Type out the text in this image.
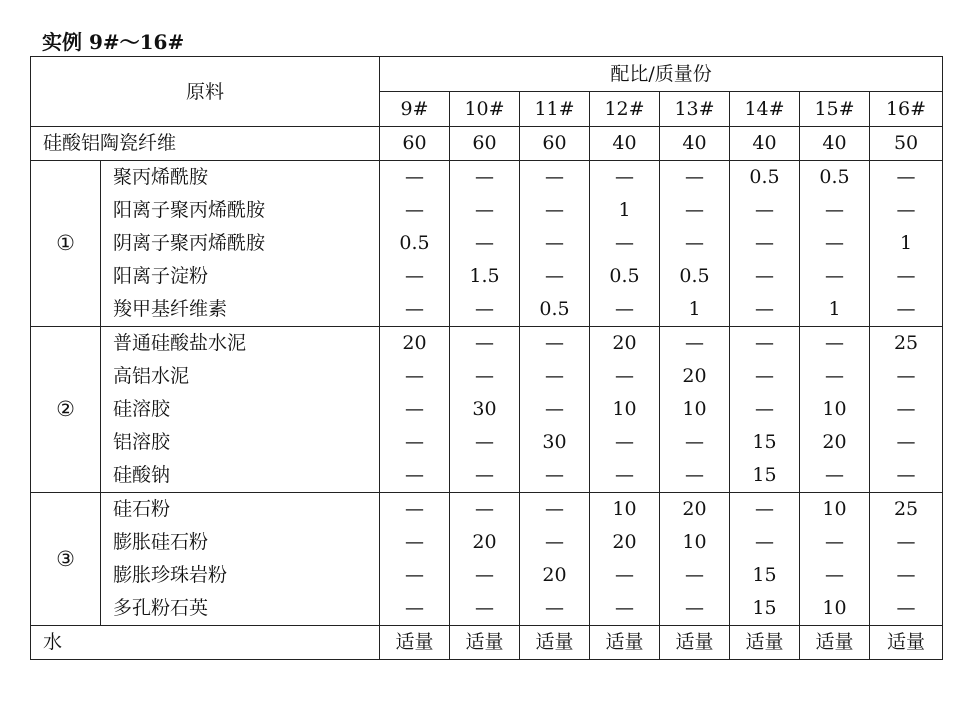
实例 9#～16#
原料		配比/质量份							
		9#	10#	11#	12#	13#	14#	15#	16#
硅酸铝陶瓷纤维		60	60	60	40	40	40	40	50
①	聚丙烯酰胺	—	—	—	—	—	0.5	0.5	—
	阳离子聚丙烯酰胺	—	—	—	1	—	—	—	—
	阴离子聚丙烯酰胺	0.5	—	—	—	—	—	—	1
	阳离子淀粉	—	1.5	—	0.5	0.5	—	—	—
	羧甲基纤维素	—	—	0.5	—	1	—	1	—
②	普通硅酸盐水泥	20	—	—	20	—	—	—	25
	高铝水泥	—	—	—	—	20	—	—	—
	硅溶胶	—	30	—	10	10	—	10	—
	铝溶胶	—	—	30	—	—	15	20	—
	硅酸钠	—	—	—	—	—	15	—	—
③	硅石粉	—	—	—	10	20	—	10	25
	膨胀硅石粉	—	20	—	20	10	—	—	—
	膨胀珍珠岩粉	—	—	20	—	—	15	—	—
	多孔粉石英	—	—	—	—	—	15	10	—
水		适量	适量	适量	适量	适量	适量	适量	适量
